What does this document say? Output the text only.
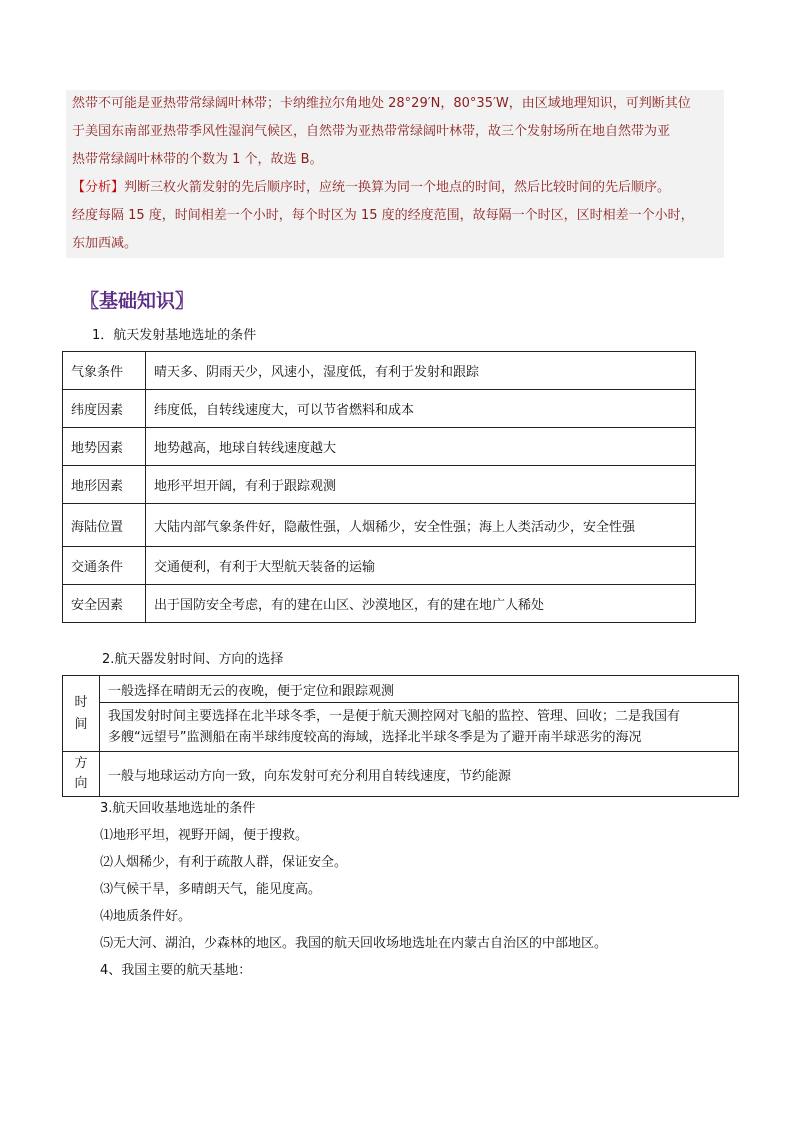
然带不可能是亚热带常绿阔叶林带；卡纳维拉尔角地处 28°29′N，80°35′W，由区域地理知识，可判断其位

于美国东南部亚热带季风性湿润气候区，自然带为亚热带常绿阔叶林带，故三个发射场所在地自然带为亚

热带常绿阔叶林带的个数为 1 个，故选 B。

【分析】判断三枚火箭发射的先后顺序时，应统一换算为同一个地点的时间，然后比较时间的先后顺序。

经度每隔 15 度，时间相差一个小时，每个时区为 15 度的经度范围，故每隔一个时区，区时相差一个小时，

东加西减。

〖基础知识〗
1．航天发射基地选址的条件
气象条件	晴天多、阴雨天少，风速小，湿度低，有利于发射和跟踪
纬度因素	纬度低，自转线速度大，可以节省燃料和成本
地势因素	地势越高，地球自转线速度越大
地形因素	地形平坦开阔，有利于跟踪观测
海陆位置	大陆内部气象条件好，隐蔽性强，人烟稀少，安全性强；海上人类活动少，安全性强
交通条件	交通便利，有利于大型航天装备的运输
安全因素	出于国防安全考虑，有的建在山区、沙漠地区，有的建在地广人稀处
2.航天器发射时间、方向的选择
时
间	一般选择在晴朗无云的夜晚，便于定位和跟踪观测
	我国发射时间主要选择在北半球冬季，一是便于航天测控网对飞船的监控、管理、回收；二是我国有
多艘“远望号”监测船在南半球纬度较高的海域，选择北半球冬季是为了避开南半球恶劣的海况
方
向	一般与地球运动方向一致，向东发射可充分利用自转线速度，节约能源

3.航天回收基地选址的条件

⑴地形平坦，视野开阔，便于搜救。

⑵人烟稀少，有利于疏散人群，保证安全。

⑶气候干旱，多晴朗天气，能见度高。

⑷地质条件好。

⑸无大河、湖泊，少森林的地区。我国的航天回收场地选址在内蒙古自治区的中部地区。

4、我国主要的航天基地：
